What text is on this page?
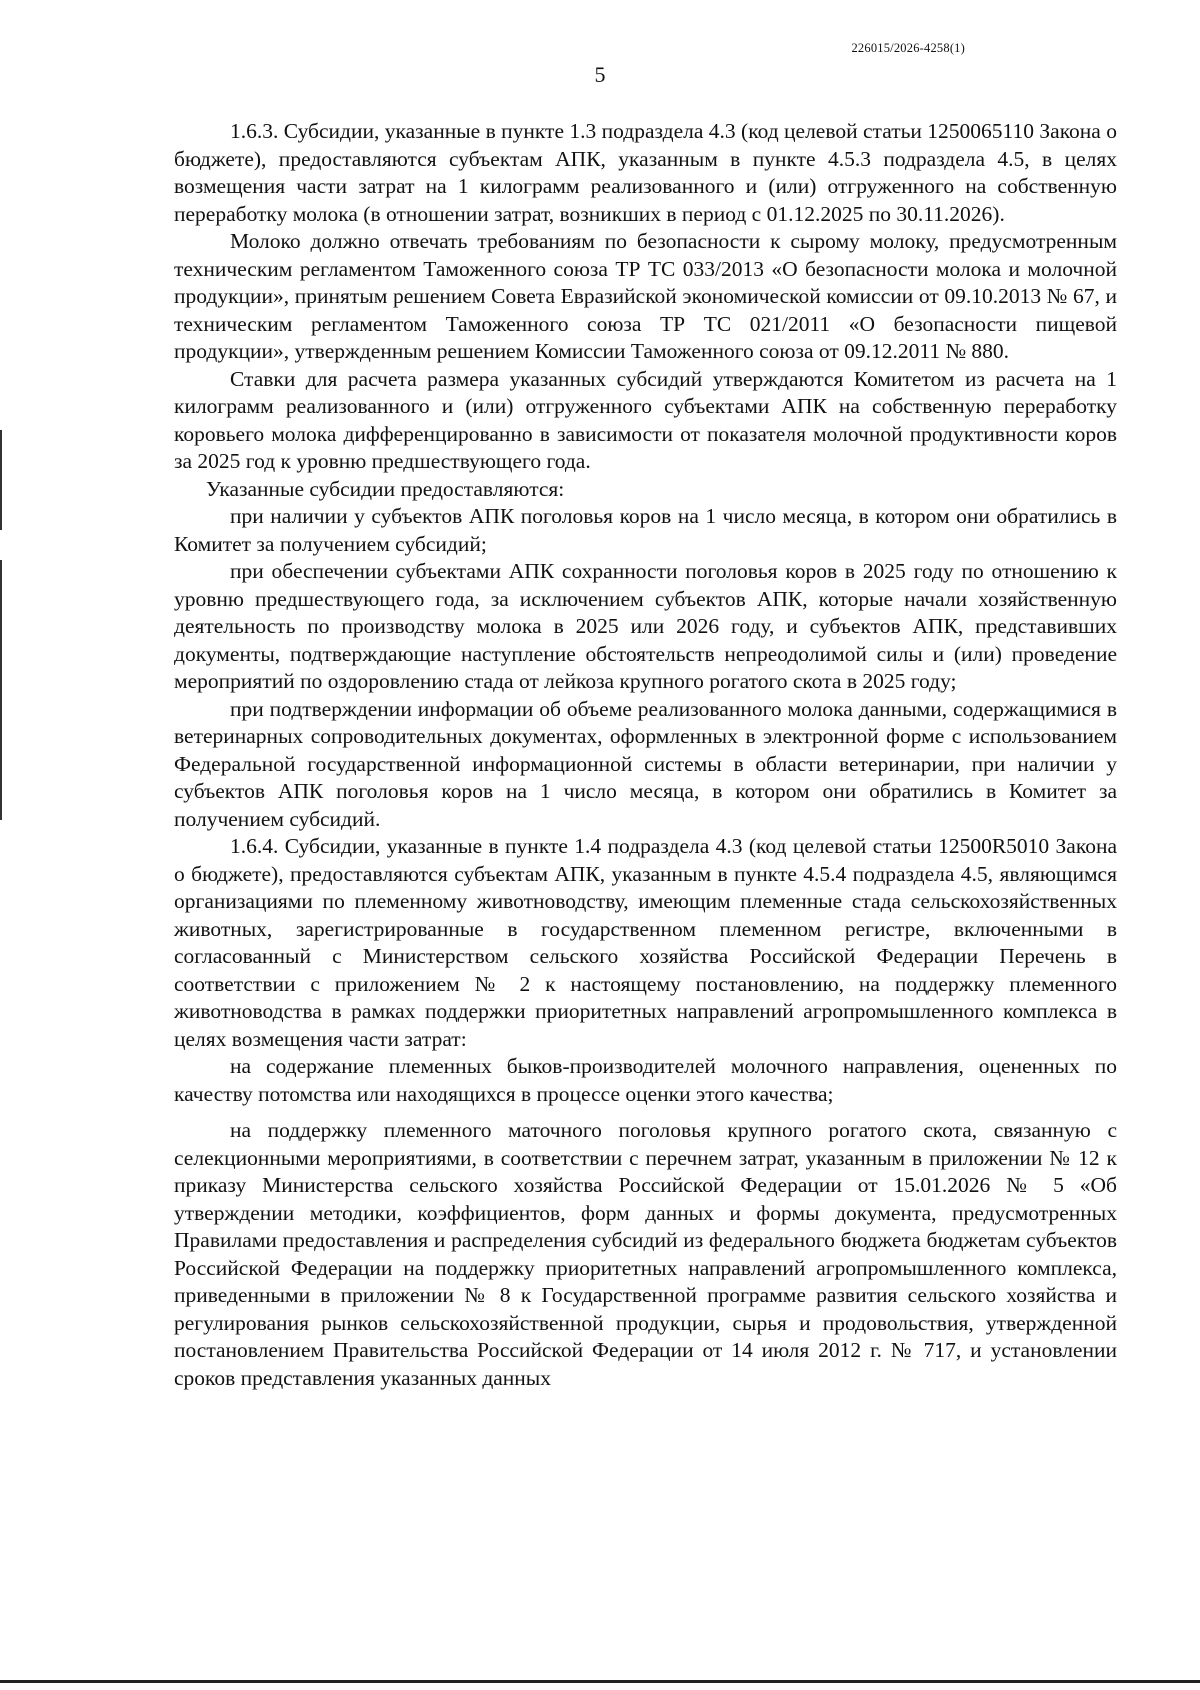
226015/2026-4258(1)
5

1.6.3. Субсидии, указанные в пункте 1.3 подраздела 4.3 (код целевой статьи 1250065110 Закона о бюджете), предоставляются субъектам АПК, указанным в пункте 4.5.3 подраздела 4.5, в целях возмещения части затрат на 1 килограмм реализованного и (или) отгруженного на собственную переработку молока (в отношении затрат, возникших в период с 01.12.2025 по 30.11.2026).

Молоко должно отвечать требованиям по безопасности к сырому молоку, предусмотренным техническим регламентом Таможенного союза ТР ТС 033/2013 «О безопасности молока и молочной продукции», принятым решением Совета Евразийской экономической комиссии от 09.10.2013 № 67, и техническим регламентом Таможенного союза ТР ТС 021/2011 «О безопасности пищевой продукции», утвержденным решением Комиссии Таможенного союза от 09.12.2011 № 880.

Ставки для расчета размера указанных субсидий утверждаются Комитетом из расчета на 1 килограмм реализованного и (или) отгруженного субъектами АПК на собственную переработку коровьего молока дифференцированно в зависимости от показателя молочной продуктивности коров за 2025 год к уровню предшествующего года.

Указанные субсидии предоставляются:

при наличии у субъектов АПК поголовья коров на 1 число месяца, в котором они обратились в Комитет за получением субсидий;

при обеспечении субъектами АПК сохранности поголовья коров в 2025 году по отношению к уровню предшествующего года, за исключением субъектов АПК, которые начали хозяйственную деятельность по производству молока в 2025 или 2026 году, и субъектов АПК, представивших документы, подтверждающие наступление обстоятельств непреодолимой силы и (или) проведение мероприятий по оздоровлению стада от лейкоза крупного рогатого скота в 2025 году;

при подтверждении информации об объеме реализованного молока данными, содержащимися в ветеринарных сопроводительных документах, оформленных в электронной форме с использованием Федеральной государственной информационной системы в области ветеринарии, при наличии у субъектов АПК поголовья коров на 1 число месяца, в котором они обратились в Комитет за получением субсидий.

1.6.4. Субсидии, указанные в пункте 1.4 подраздела 4.3 (код целевой статьи 12500R5010 Закона о бюджете), предоставляются субъектам АПК, указанным в пункте 4.5.4 подраздела 4.5, являющимся организациями по племенному животноводству, имеющим племенные стада сельскохозяйственных животных, зарегистрированные в государственном племенном регистре, включенными в согласованный с Министерством сельского хозяйства Российской Федерации Перечень в соответствии с приложением № 2 к настоящему постановлению, на поддержку племенного животноводства в рамках поддержки приоритетных направлений агропромышленного комплекса в целях возмещения части затрат:

на содержание племенных быков-производителей молочного направления, оцененных по качеству потомства или находящихся в процессе оценки этого качества;

на поддержку племенного маточного поголовья крупного рогатого скота, связанную с селекционными мероприятиями, в соответствии с перечнем затрат, указанным в приложении № 12 к приказу Министерства сельского хозяйства Российской Федерации от 15.01.2026 № 5 «Об утверждении методики, коэффициентов, форм данных и формы документа, предусмотренных Правилами предоставления и распределения субсидий из федерального бюджета бюджетам субъектов Российской Федерации на поддержку приоритетных направлений агропромышленного комплекса, приведенными в приложении № 8 к Государственной программе развития сельского хозяйства и регулирования рынков сельскохозяйственной продукции, сырья и продовольствия, утвержденной постановлением Правительства Российской Федерации от 14 июля 2012 г. № 717, и установлении сроков представления указанных данных
